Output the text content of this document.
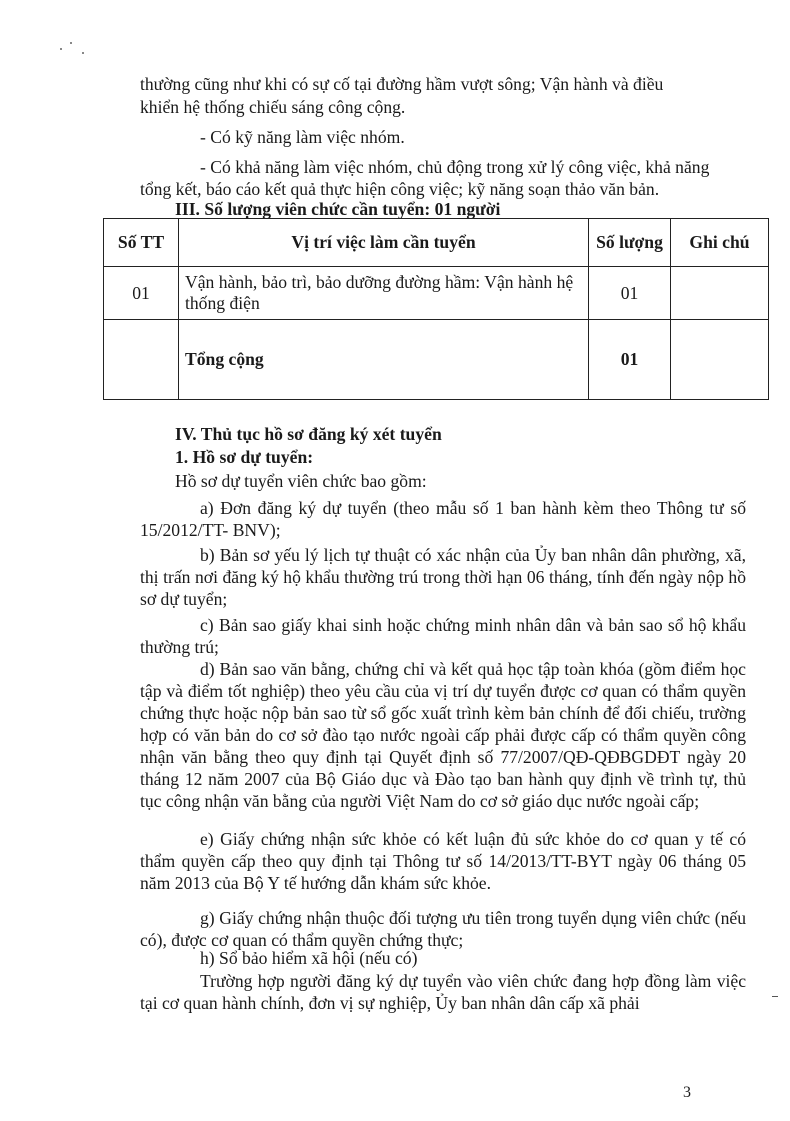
thường cũng như khi có sự cố tại đường hầm vượt sông; Vận hành và điều

khiển hệ thống chiếu sáng công cộng.

- Có kỹ năng làm việc nhóm.

- Có khả năng làm việc nhóm, chủ động trong xử lý công việc, khả năng

tổng kết, báo cáo kết quả thực hiện công việc; kỹ năng soạn thảo văn bản.

III. Số lượng viên chức cần tuyển: 01 người

Số TT	Vị trí việc làm cần tuyển	Số lượng	Ghi chú
01	Vận hành, bảo trì, bảo dưỡng đường hầm: Vận hành hệ thống điện	01	
	Tổng cộng	01	

IV. Thủ tục hồ sơ đăng ký xét tuyển

1. Hồ sơ dự tuyển:

Hồ sơ dự tuyển viên chức bao gồm:

a) Đơn đăng ký dự tuyển (theo mẫu số 1 ban hành kèm theo Thông tư số 15/2012/TT- BNV);

b) Bản sơ yếu lý lịch tự thuật có xác nhận của Ủy ban nhân dân phường, xã, thị trấn nơi đăng ký hộ khẩu thường trú trong thời hạn 06 tháng, tính đến ngày nộp hồ sơ dự tuyển;

c) Bản sao giấy khai sinh hoặc chứng minh nhân dân và bản sao sổ hộ khẩu thường trú;

d) Bản sao văn bằng, chứng chỉ và kết quả học tập toàn khóa (gồm điểm học tập và điểm tốt nghiệp) theo yêu cầu của vị trí dự tuyển được cơ quan có thẩm quyền chứng thực hoặc nộp bản sao từ sổ gốc xuất trình kèm bản chính để đối chiếu, trường hợp có văn bản do cơ sở đào tạo nước ngoài cấp phải được cấp có thẩm quyền công nhận văn bằng theo quy định tại Quyết định số 77/2007/QĐ-QĐBGDĐT ngày 20 tháng 12 năm 2007 của Bộ Giáo dục và Đào tạo ban hành quy định về trình tự, thủ tục công nhận văn bằng của người Việt Nam do cơ sở giáo dục nước ngoài cấp;

e) Giấy chứng nhận sức khỏe có kết luận đủ sức khỏe do cơ quan y tế có thẩm quyền cấp theo quy định tại Thông tư số 14/2013/TT-BYT ngày 06 tháng 05 năm 2013 của Bộ Y tế hướng dẫn khám sức khỏe.

g) Giấy chứng nhận thuộc đối tượng ưu tiên trong tuyển dụng viên chức (nếu có), được cơ quan có thẩm quyền chứng thực;

h) Sổ bảo hiểm xã hội (nếu có)

Trường hợp người đăng ký dự tuyển vào viên chức đang hợp đồng làm việc tại cơ quan hành chính, đơn vị sự nghiệp, Ủy ban nhân dân cấp xã phải

3
